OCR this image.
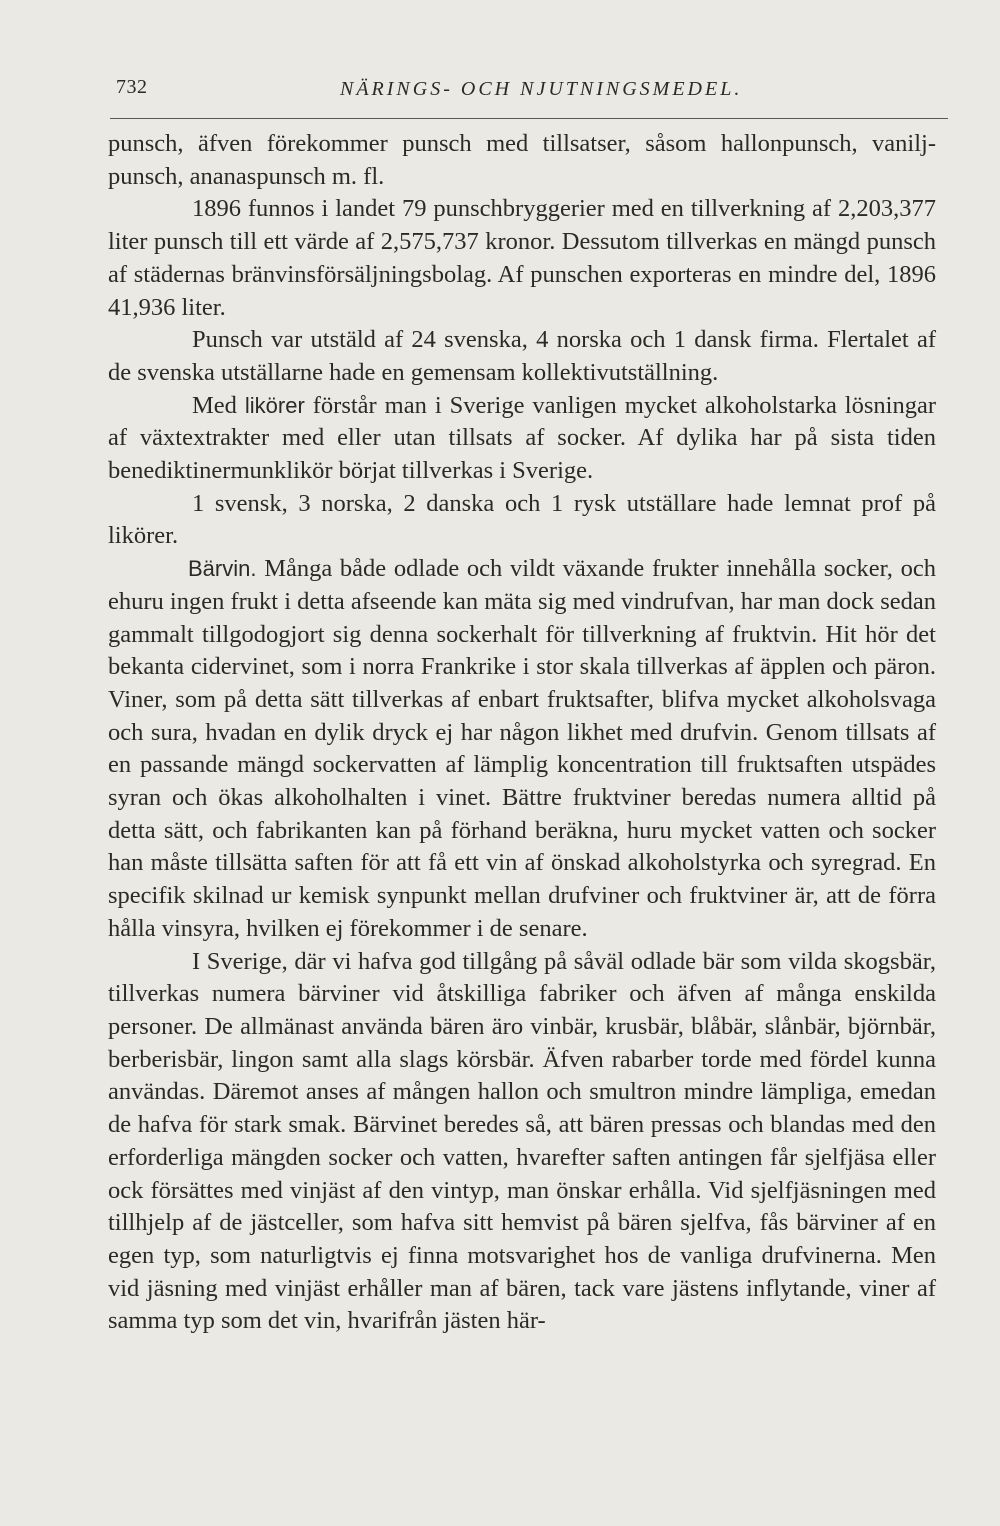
732	NÄRINGS- OCH NJUTNINGSMEDEL.

punsch, äfven förekommer punsch med tillsatser, såsom hallonpunsch, vanilj-punsch, ananaspunsch m. fl.

1896 funnos i landet 79 punschbryggerier med en tillverkning af 2,203,377 liter punsch till ett värde af 2,575,737 kronor. Dessutom tillverkas en mängd punsch af städernas bränvinsförsäljningsbolag. Af punschen exporteras en mindre del, 1896 41,936 liter.

Punsch var utstäld af 24 svenska, 4 norska och 1 dansk firma. Flertalet af de svenska utställarne hade en gemensam kollektivutställning.

Med likörer förstår man i Sverige vanligen mycket alkoholstarka lösningar af växtextrakter med eller utan tillsats af socker. Af dylika har på sista tiden benediktinermunklikör börjat tillverkas i Sverige.

1 svensk, 3 norska, 2 danska och 1 rysk utställare hade lemnat prof på likörer.

Bärvin. Många både odlade och vildt växande frukter innehålla socker, och ehuru ingen frukt i detta afseende kan mäta sig med vindrufvan, har man dock sedan gammalt tillgodogjort sig denna sockerhalt för tillverkning af fruktvin. Hit hör det bekanta cidervinet, som i norra Frankrike i stor skala tillverkas af äpplen och päron. Viner, som på detta sätt tillverkas af enbart fruktsafter, blifva mycket alkoholsvaga och sura, hvadan en dylik dryck ej har någon likhet med drufvin. Genom tillsats af en passande mängd sockervatten af lämplig koncentration till fruktsaften utspädes syran och ökas alkoholhalten i vinet. Bättre fruktviner beredas numera alltid på detta sätt, och fabrikanten kan på förhand beräkna, huru mycket vatten och socker han måste tillsätta saften för att få ett vin af önskad alkoholstyrka och syregrad. En specifik skilnad ur kemisk synpunkt mellan drufviner och fruktviner är, att de förra hålla vinsyra, hvilken ej förekommer i de senare.

I Sverige, där vi hafva god tillgång på såväl odlade bär som vilda skogsbär, tillverkas numera bärviner vid åtskilliga fabriker och äfven af många enskilda personer. De allmänast använda bären äro vinbär, krusbär, blåbär, slånbär, björnbär, berberisbär, lingon samt alla slags körsbär. Äfven rabarber torde med fördel kunna användas. Däremot anses af mången hallon och smultron mindre lämpliga, emedan de hafva för stark smak. Bärvinet beredes så, att bären pressas och blandas med den erforderliga mängden socker och vatten, hvarefter saften antingen får sjelfjäsa eller ock försättes med vinjäst af den vintyp, man önskar erhålla. Vid sjelfjäsningen med tillhjelp af de jästceller, som hafva sitt hemvist på bären sjelfva, fås bärviner af en egen typ, som naturligtvis ej finna motsvarighet hos de vanliga drufvinerna. Men vid jäsning med vinjäst erhåller man af bären, tack vare jästens inflytande, viner af samma typ som det vin, hvarifrån jästen här-
